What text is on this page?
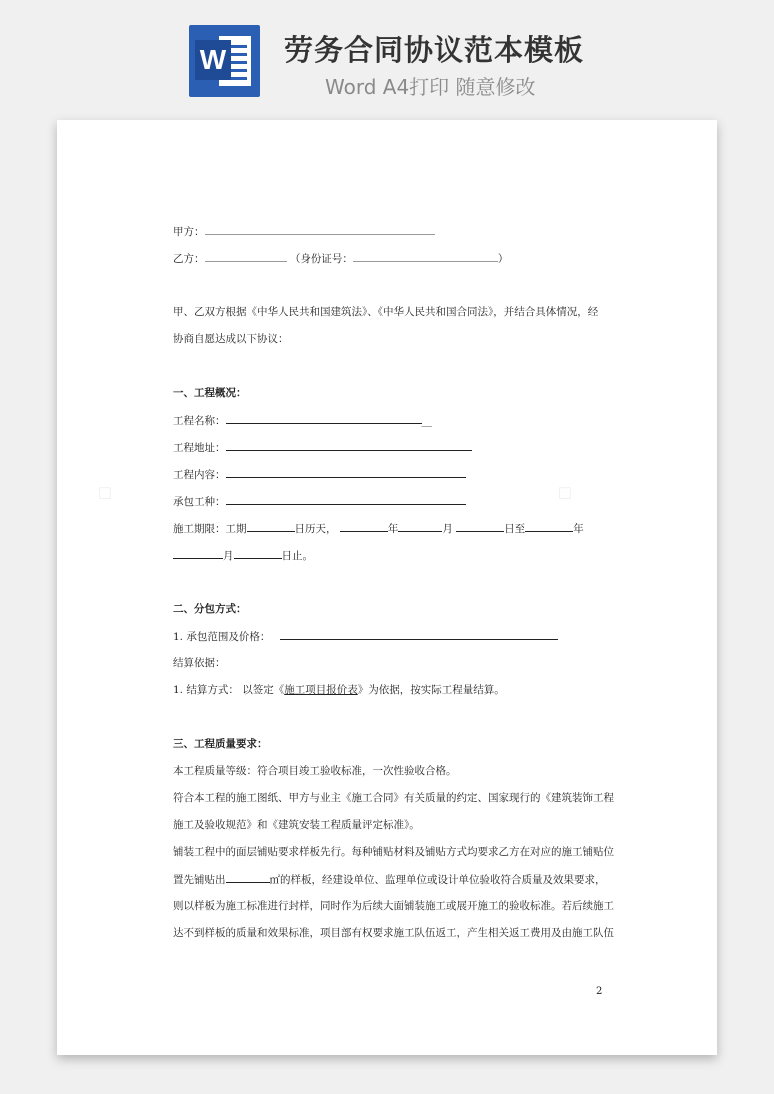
W 劳务合同协议范本模板
Word A4打印 随意修改
◇	◇
甲方：
乙方：	（身份证号：	）
甲、乙双方根据《中华人民共和国建筑法》、《中华人民共和国合同法》，并结合具体情况，经
协商自愿达成以下协议：
一、工程概况：
工程名称：	__
工程地址：
工程内容：
承包工种：
施工期限：工期	日历天，	年	月	日至	年
月	日止。
二、分包方式：
1. 承包范围及价格：
结算依据：
1. 结算方式： 以签定《施工项目报价表》为依据，按实际工程量结算。
三、工程质量要求：
本工程质量等级：符合项目竣工验收标准，一次性验收合格。
符合本工程的施工图纸、甲方与业主《施工合同》有关质量的约定、国家现行的《建筑装饰工程
施工及验收规范》和《建筑安装工程质量评定标准》。
铺装工程中的面层铺贴要求样板先行。每种铺贴材料及铺贴方式均要求乙方在对应的施工铺贴位
置先铺贴出	㎡的样板，经建设单位、监理单位或设计单位验收符合质量及效果要求，
则以样板为施工标准进行封样，同时作为后续大面铺装施工或展开施工的验收标准。若后续施工
达不到样板的质量和效果标准，项目部有权要求施工队伍返工，产生相关返工费用及由施工队伍
2
